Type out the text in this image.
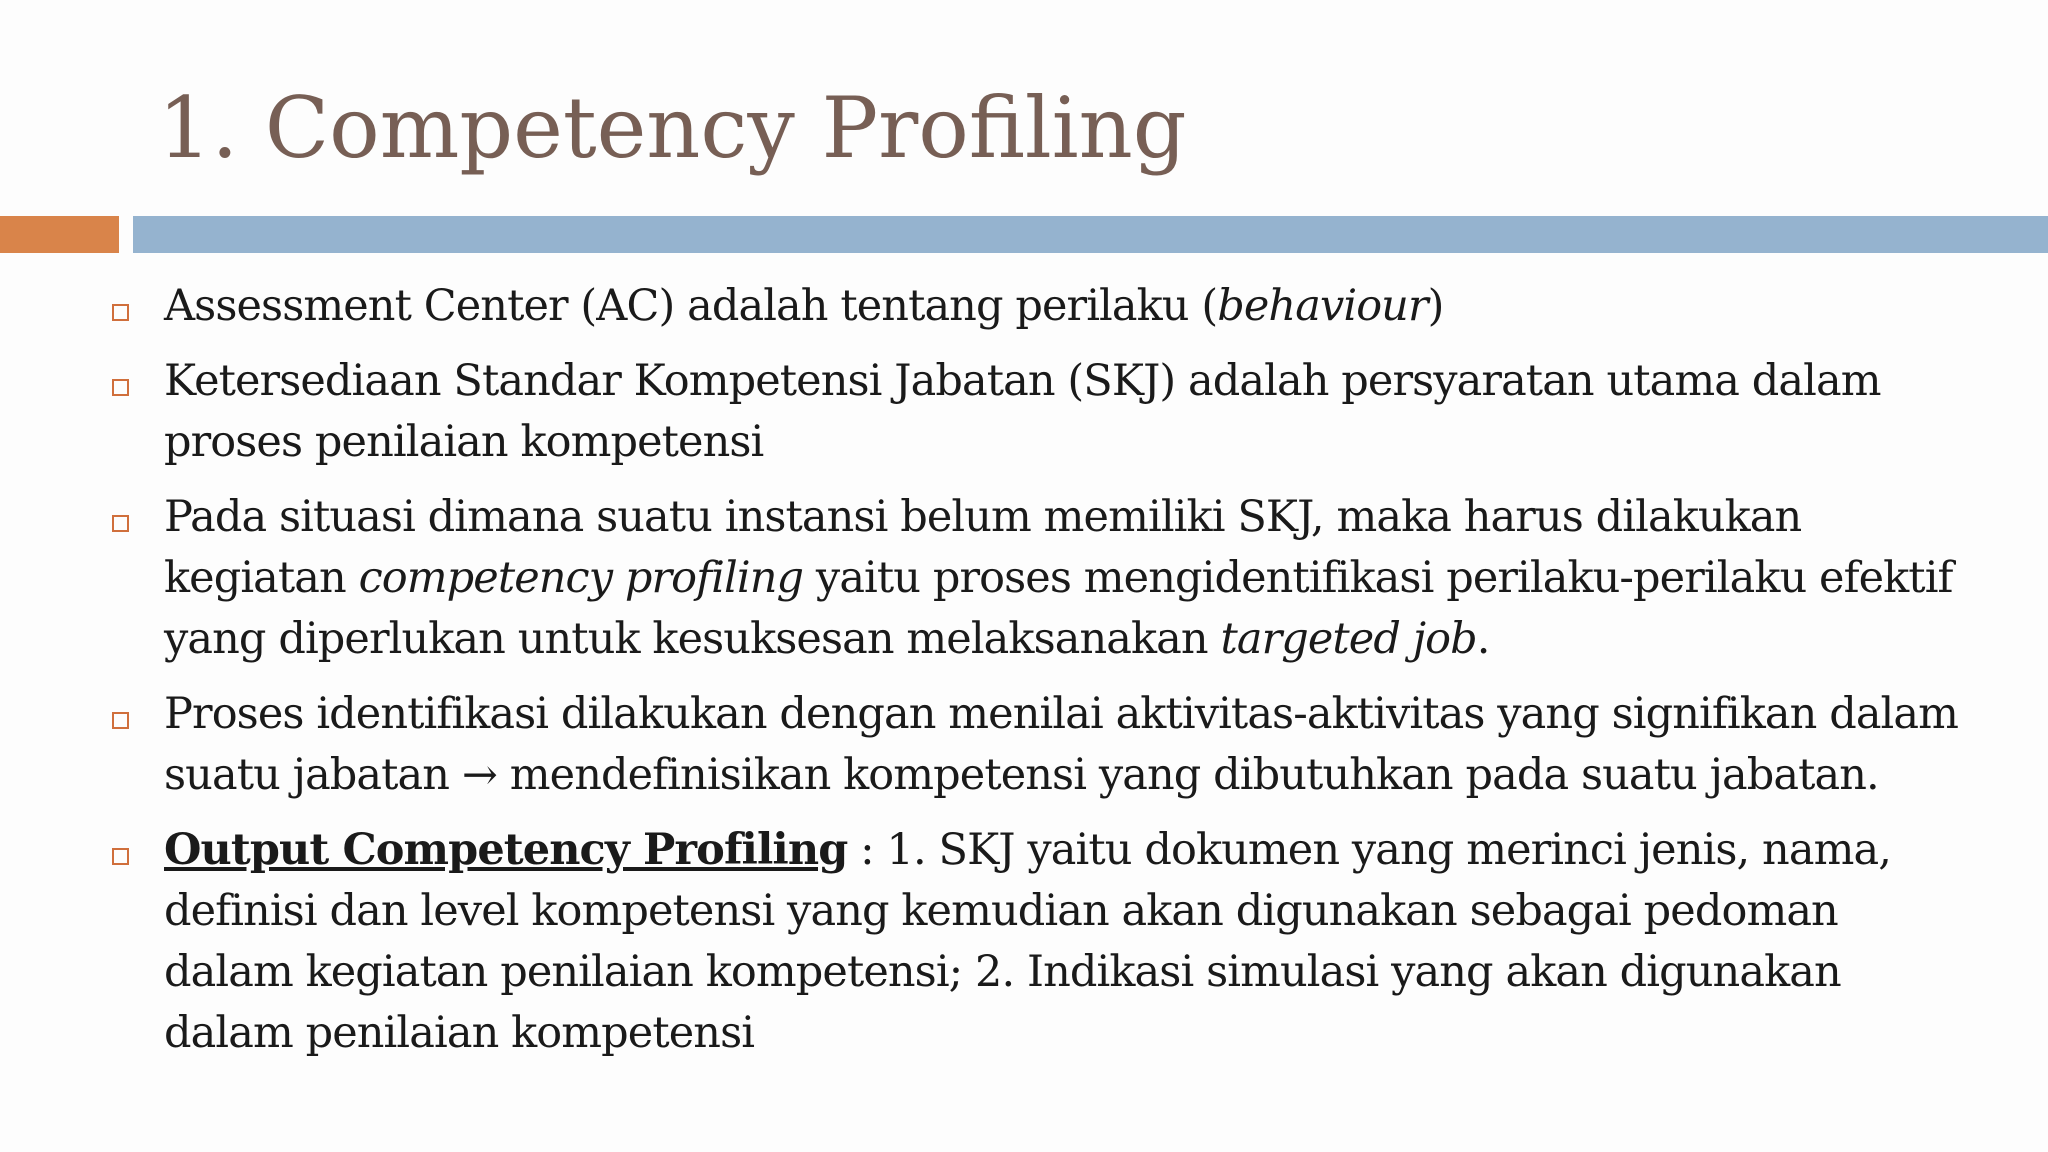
1. Competency Profiling
Assessment Center (AC) adalah tentang perilaku (behaviour)
Ketersediaan Standar Kompetensi Jabatan (SKJ) adalah persyaratan utama dalam proses penilaian kompetensi
Pada situasi dimana suatu instansi belum memiliki SKJ, maka harus dilakukan kegiatan competency profiling yaitu proses mengidentifikasi perilaku-perilaku efektif yang diperlukan untuk kesuksesan melaksanakan targeted job.
Proses identifikasi dilakukan dengan menilai aktivitas-aktivitas yang signifikan dalam suatu jabatan → mendefinisikan kompetensi yang dibutuhkan pada suatu jabatan.
Output Competency Profiling : 1. SKJ yaitu dokumen yang merinci jenis, nama, definisi dan level kompetensi yang kemudian akan digunakan sebagai pedoman dalam kegiatan penilaian kompetensi; 2. Indikasi simulasi yang akan digunakan dalam penilaian kompetensi
